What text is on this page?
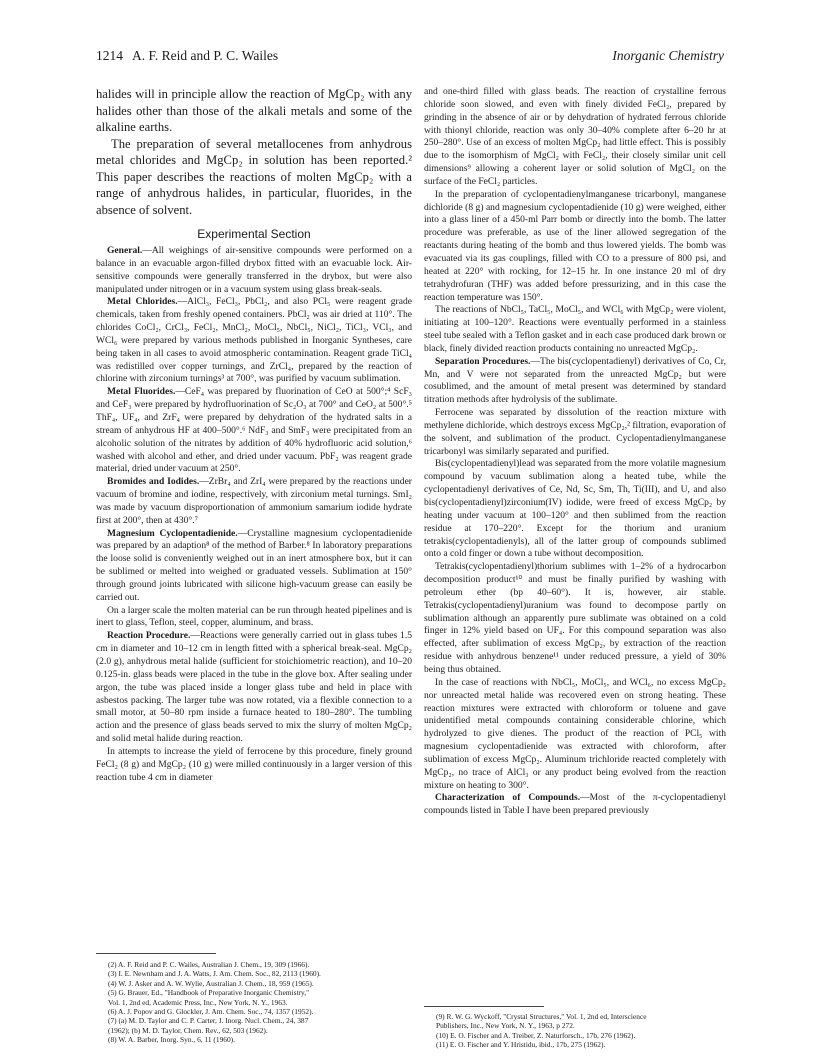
1214 A. F. Reid and P. C. Wailes	Inorganic Chemistry

halides will in principle allow the reaction of MgCp₂ with any halides other than those of the alkali metals and some of the alkaline earths.

The preparation of several metallocenes from anhydrous metal chlorides and MgCp₂ in solution has been reported.² This paper describes the reactions of molten MgCp₂ with a range of anhydrous halides, in particular, fluorides, in the absence of solvent.

Experimental Section

General.—All weighings of air-sensitive compounds were performed on a balance in an evacuable argon-filled drybox fitted with an evacuable lock. Air-sensitive compounds were generally transferred in the drybox, but were also manipulated under nitrogen or in a vacuum system using glass break-seals.

Metal Chlorides.—AlCl₃, FeCl₃, PbCl₂, and also PCl₅ were reagent grade chemicals, taken from freshly opened containers. PbCl₂ was air dried at 110°. The chlorides CoCl₂, CrCl₃, FeCl₂, MnCl₂, MoCl₅, NbCl₅, NiCl₂, TiCl₃, VCl₃, and WCl₆ were prepared by various methods published in Inorganic Syntheses, care being taken in all cases to avoid atmospheric contamination. Reagent grade TiCl₄ was redistilled over copper turnings, and ZrCl₄, prepared by the reaction of chlorine with zirconium turnings³ at 700°, was purified by vacuum sublimation.

Metal Fluorides.—CeF₄ was prepared by fluorination of CeO at 500°;⁴ ScF₃ and CeF₃ were prepared by hydrofluorination of Sc₂O₃ at 700° and CeO₂ at 500°.⁵ ThF₄, UF₄, and ZrF₄ were prepared by dehydration of the hydrated salts in a stream of anhydrous HF at 400–500°.⁶ NdF₃ and SmF₃ were precipitated from an alcoholic solution of the nitrates by addition of 40% hydrofluoric acid solution,⁶ washed with alcohol and ether, and dried under vacuum. PbF₂ was reagent grade material, dried under vacuum at 250°.

Bromides and Iodides.—ZrBr₄ and ZrI₄ were prepared by the reactions under vacuum of bromine and iodine, respectively, with zirconium metal turnings. SmI₂ was made by vacuum disproportionation of ammonium samarium iodide hydrate first at 200°, then at 430°.⁷

Magnesium Cyclopentadienide.—Crystalline magnesium cyclopentadienide was prepared by an adaption⁸ of the method of Barber.⁸ In laboratory preparations the loose solid is conveniently weighed out in an inert atmosphere box, but it can be sublimed or melted into weighed or graduated vessels. Sublimation at 150° through ground joints lubricated with silicone high-vacuum grease can easily be carried out.

On a larger scale the molten material can be run through heated pipelines and is inert to glass, Teflon, steel, copper, aluminum, and brass.

Reaction Procedure.—Reactions were generally carried out in glass tubes 1.5 cm in diameter and 10–12 cm in length fitted with a spherical break-seal. MgCp₂ (2.0 g), anhydrous metal halide (sufficient for stoichiometric reaction), and 10–20 0.125-in. glass beads were placed in the tube in the glove box. After sealing under argon, the tube was placed inside a longer glass tube and held in place with asbestos packing. The larger tube was now rotated, via a flexible connection to a small motor, at 50–80 rpm inside a furnace heated to 180–280°. The tumbling action and the presence of glass beads served to mix the slurry of molten MgCp₂ and solid metal halide during reaction.

In attempts to increase the yield of ferrocene by this procedure, finely ground FeCl₂ (8 g) and MgCp₂ (10 g) were milled continuously in a larger version of this reaction tube 4 cm in diameter

(2) A. F. Reid and P. C. Wailes, Australian J. Chem., 19, 309 (1966).
(3) I. E. Newnham and J. A. Watts, J. Am. Chem. Soc., 82, 2113 (1960).
(4) W. J. Asker and A. W. Wylie, Australian J. Chem., 18, 959 (1965).
(5) G. Brauer, Ed., "Handbook of Preparative Inorganic Chemistry,"
Vol. 1, 2nd ed, Academic Press, Inc., New York, N. Y., 1963.
(6) A. J. Popov and G. Glockler, J. Am. Chem. Soc., 74, 1357 (1952).
(7) (a) M. D. Taylor and C. P. Carter, J. Inorg. Nucl. Chem., 24, 387
(1962); (b) M. D. Taylor, Chem. Rev., 62, 503 (1962).
(8) W. A. Barber, Inorg. Syn., 6, 11 (1960).

and one-third filled with glass beads. The reaction of crystalline ferrous chloride soon slowed, and even with finely divided FeCl₂, prepared by grinding in the absence of air or by dehydration of hydrated ferrous chloride with thionyl chloride, reaction was only 30–40% complete after 6–20 hr at 250–280°. Use of an excess of molten MgCp₂ had little effect. This is possibly due to the isomorphism of MgCl₂ with FeCl₂, their closely similar unit cell dimensions⁹ allowing a coherent layer or solid solution of MgCl₂ on the surface of the FeCl₂ particles.

In the preparation of cyclopentadienylmanganese tricarbonyl, manganese dichloride (8 g) and magnesium cyclopentadienide (10 g) were weighed, either into a glass liner of a 450-ml Parr bomb or directly into the bomb. The latter procedure was preferable, as use of the liner allowed segregation of the reactants during heating of the bomb and thus lowered yields. The bomb was evacuated via its gas couplings, filled with CO to a pressure of 800 psi, and heated at 220° with rocking, for 12–15 hr. In one instance 20 ml of dry tetrahydrofuran (THF) was added before pressurizing, and in this case the reaction temperature was 150°.

The reactions of NbCl₅, TaCl₅, MoCl₅, and WCl₆ with MgCp₂ were violent, initiating at 100–120°. Reactions were eventually performed in a stainless steel tube sealed with a Teflon gasket and in each case produced dark brown or black, finely divided reaction products containing no unreacted MgCp₂.

Separation Procedures.—The bis(cyclopentadienyl) derivatives of Co, Cr, Mn, and V were not separated from the unreacted MgCp₂ but were cosublimed, and the amount of metal present was determined by standard titration methods after hydrolysis of the sublimate.

Ferrocene was separated by dissolution of the reaction mixture with methylene dichloride, which destroys excess MgCp₂,² filtration, evaporation of the solvent, and sublimation of the product. Cyclopentadienylmanganese tricarbonyl was similarly separated and purified.

Bis(cyclopentadienyl)lead was separated from the more volatile magnesium compound by vacuum sublimation along a heated tube, while the cyclopentadienyl derivatives of Ce, Nd, Sc, Sm, Th, Ti(III), and U, and also bis(cyclopentadienyl)zirconium(IV) iodide, were freed of excess MgCp₂ by heating under vacuum at 100–120° and then sublimed from the reaction residue at 170–220°. Except for the thorium and uranium tetrakis(cyclopentadienyls), all of the latter group of compounds sublimed onto a cold finger or down a tube without decomposition.

Tetrakis(cyclopentadienyl)thorium sublimes with 1–2% of a hydrocarbon decomposition product¹⁰ and must be finally purified by washing with petroleum ether (bp 40–60°). It is, however, air stable. Tetrakis(cyclopentadienyl)uranium was found to decompose partly on sublimation although an apparently pure sublimate was obtained on a cold finger in 12% yield based on UF₄. For this compound separation was also effected, after sublimation of excess MgCp₂, by extraction of the reaction residue with anhydrous benzene¹¹ under reduced pressure, a yield of 30% being thus obtained.

In the case of reactions with NbCl₅, MoCl₅, and WCl₆, no excess MgCp₂ nor unreacted metal halide was recovered even on strong heating. These reaction mixtures were extracted with chloroform or toluene and gave unidentified metal compounds containing considerable chlorine, which hydrolyzed to give dienes. The product of the reaction of PCl₅ with magnesium cyclopentadienide was extracted with chloroform, after sublimation of excess MgCp₂. Aluminum trichloride reacted completely with MgCp₂, no trace of AlCl₃ or any product being evolved from the reaction mixture on heating to 300°.

Characterization of Compounds.—Most of the π-cyclopentadienyl compounds listed in Table I have been prepared previously

(9) R. W. G. Wyckoff, "Crystal Structures," Vol. 1, 2nd ed, Interscience
Publishers, Inc., New York, N. Y., 1963, p 272.
(10) E. O. Fischer and A. Treiber, Z. Naturforsch., 17b, 276 (1962).
(11) E. O. Fischer and Y. Hristidu, ibid., 17b, 275 (1962).
